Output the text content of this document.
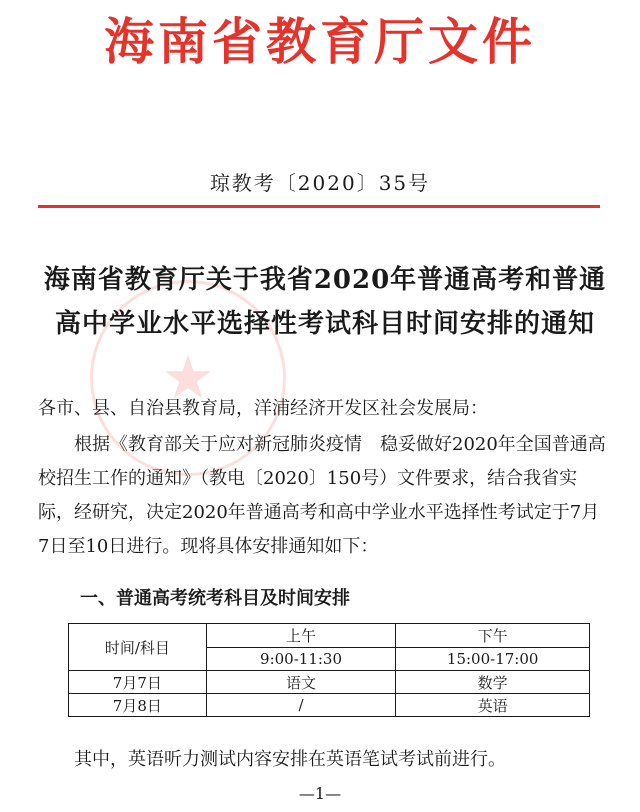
海南省教育厅文件
琼教考〔2020〕35号
★
海南省教育厅关于我省2020年普通高考和普通
高中学业水平选择性考试科目时间安排的通知
各市、县、自治县教育局，洋浦经济开发区社会发展局：
根据《教育部关于应对新冠肺炎疫情　稳妥做好2020年全国普通高校招生工作的通知》（教电〔2020〕150号）文件要求，结合我省实际，经研究，决定2020年普通高考和高中学业水平选择性考试定于7月7日至10日进行。现将具体安排通知如下：
一、普通高考统考科目及时间安排
时间/科目	上午	下午
	9:00-11:30	15:00-17:00
7月7日	语文	数学
7月8日	/	英语
其中，英语听力测试内容安排在英语笔试考试前进行。
—1—
